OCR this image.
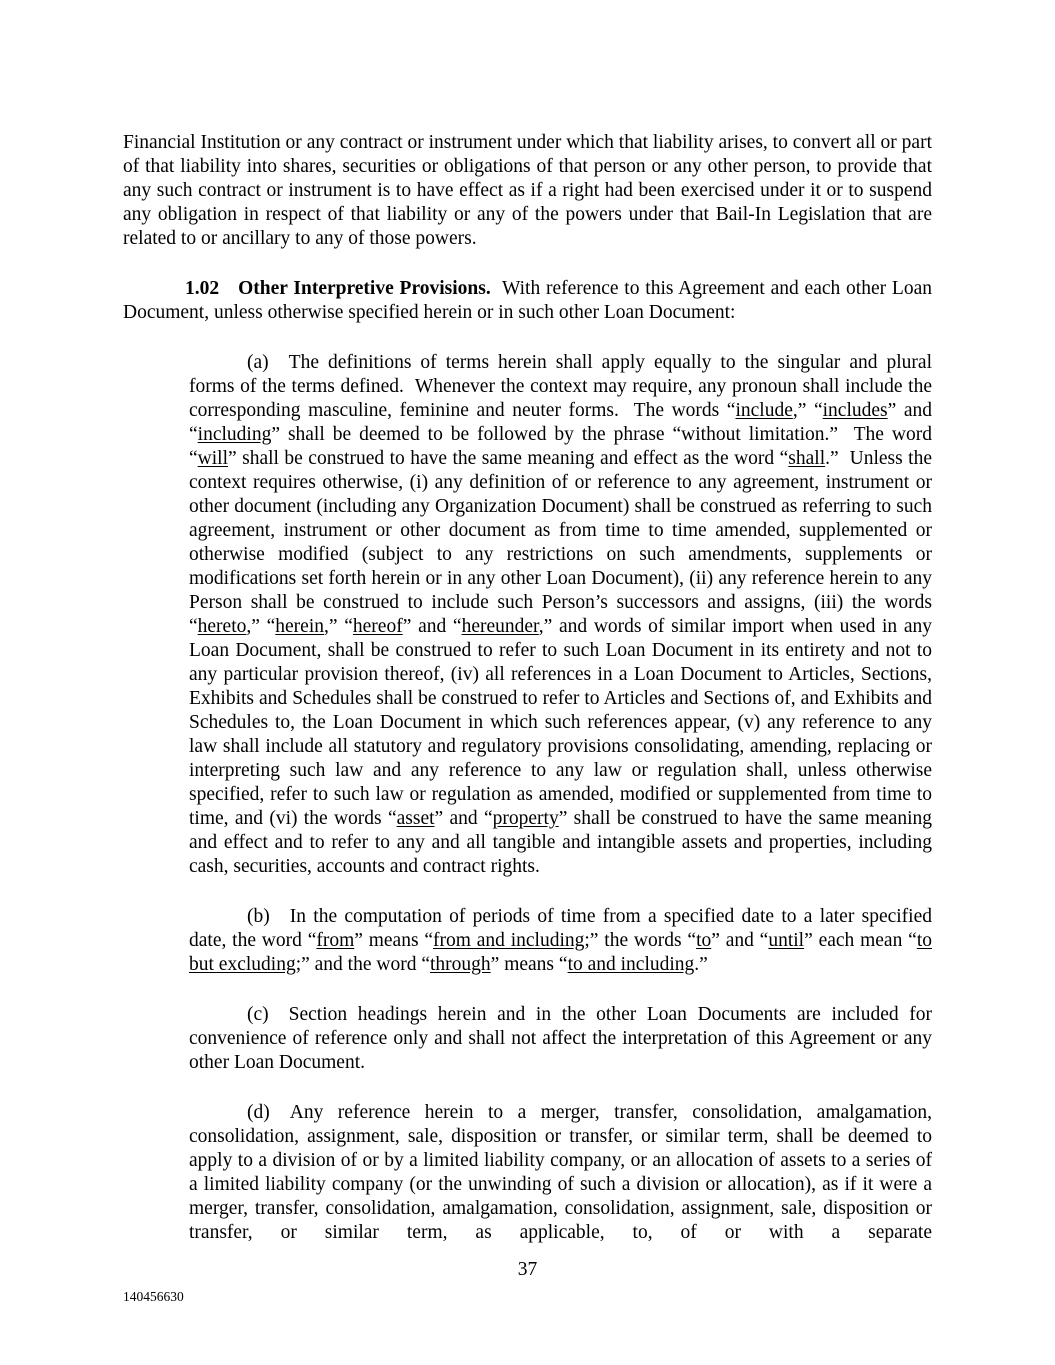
Financial Institution or any contract or instrument under which that liability arises, to convert all or part of that liability into shares, securities or obligations of that person or any other person, to provide that any such contract or instrument is to have effect as if a right had been exercised under it or to suspend any obligation in respect of that liability or any of the powers under that Bail-In Legislation that are related to or ancillary to any of those powers.

1.02 Other Interpretive Provisions.  With reference to this Agreement and each other Loan Document, unless otherwise specified herein or in such other Loan Document:

(a) The definitions of terms herein shall apply equally to the singular and plural forms of the terms defined.  Whenever the context may require, any pronoun shall include the corresponding masculine, feminine and neuter forms.  The words “include,” “includes” and “including” shall be deemed to be followed by the phrase “without limitation.”  The word “will” shall be construed to have the same meaning and effect as the word “shall.”  Unless the context requires otherwise, (i) any definition of or reference to any agreement, instrument or other document (including any Organization Document) shall be construed as referring to such agreement, instrument or other document as from time to time amended, supplemented or otherwise modified (subject to any restrictions on such amendments, supplements or modifications set forth herein or in any other Loan Document), (ii) any reference herein to any Person shall be construed to include such Person’s successors and assigns, (iii) the words “hereto,” “herein,” “hereof” and “hereunder,” and words of similar import when used in any Loan Document, shall be construed to refer to such Loan Document in its entirety and not to any particular provision thereof, (iv) all references in a Loan Document to Articles, Sections, Exhibits and Schedules shall be construed to refer to Articles and Sections of, and Exhibits and Schedules to, the Loan Document in which such references appear, (v) any reference to any law shall include all statutory and regulatory provisions consolidating, amending, replacing or interpreting such law and any reference to any law or regulation shall, unless otherwise specified, refer to such law or regulation as amended, modified or supplemented from time to time, and (vi) the words “asset” and “property” shall be construed to have the same meaning and effect and to refer to any and all tangible and intangible assets and properties, including cash, securities, accounts and contract rights.

(b) In the computation of periods of time from a specified date to a later specified date, the word “from” means “from and including;” the words “to” and “until” each mean “to but excluding;” and the word “through” means “to and including.”

(c) Section headings herein and in the other Loan Documents are included for convenience of reference only and shall not affect the interpretation of this Agreement or any other Loan Document.

(d) Any reference herein to a merger, transfer, consolidation, amalgamation, consolidation, assignment, sale, disposition or transfer, or similar term, shall be deemed to apply to a division of or by a limited liability company, or an allocation of assets to a series of a limited liability company (or the unwinding of such a division or allocation), as if it were a merger, transfer, consolidation, amalgamation, consolidation, assignment, sale, disposition or transfer, or similar term, as applicable, to, of or with a separate

37
140456630
